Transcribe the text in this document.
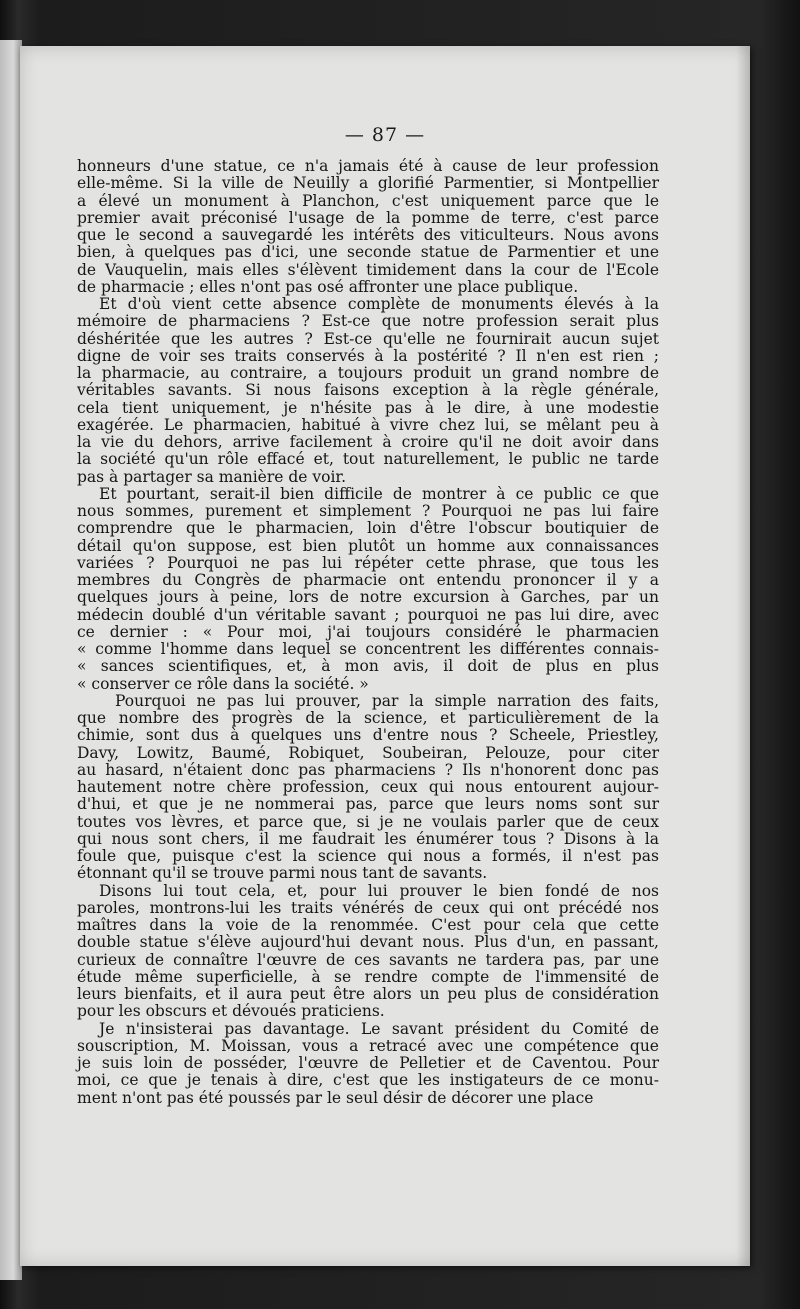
— 87 —
honneurs d'une statue, ce n'a jamais été à cause de leur profession
elle-même. Si la ville de Neuilly a glorifié Parmentier, si Montpellier
a élevé un monument à Planchon, c'est uniquement parce que le
premier avait préconisé l'usage de la pomme de terre, c'est parce
que le second a sauvegardé les intérêts des viticulteurs. Nous avons
bien, à quelques pas d'ici, une seconde statue de Parmentier et une
de Vauquelin, mais elles s'élèvent timidement dans la cour de l'Ecole
de pharmacie ; elles n'ont pas osé affronter une place publique.
Et d'où vient cette absence complète de monuments élevés à la
mémoire de pharmaciens ? Est-ce que notre profession serait plus
déshéritée que les autres ? Est-ce qu'elle ne fournirait aucun sujet
digne de voir ses traits conservés à la postérité ? Il n'en est rien ;
la pharmacie, au contraire, a toujours produit un grand nombre de
véritables savants. Si nous faisons exception à la règle générale,
cela tient uniquement, je n'hésite pas à le dire, à une modestie
exagérée. Le pharmacien, habitué à vivre chez lui, se mêlant peu à
la vie du dehors, arrive facilement à croire qu'il ne doit avoir dans
la société qu'un rôle effacé et, tout naturellement, le public ne tarde
pas à partager sa manière de voir.
Et pourtant, serait-il bien difficile de montrer à ce public ce que
nous sommes, purement et simplement ? Pourquoi ne pas lui faire
comprendre que le pharmacien, loin d'être l'obscur boutiquier de
détail qu'on suppose, est bien plutôt un homme aux connaissances
variées ? Pourquoi ne pas lui répéter cette phrase, que tous les
membres du Congrès de pharmacie ont entendu prononcer il y a
quelques jours à peine, lors de notre excursion à Garches, par un
médecin doublé d'un véritable savant ; pourquoi ne pas lui dire, avec
ce dernier : « Pour moi, j'ai toujours considéré le pharmacien
« comme l'homme dans lequel se concentrent les différentes connais-
« sances scientifiques, et, à mon avis, il doit de plus en plus
« conserver ce rôle dans la société. »
Pourquoi ne pas lui prouver, par la simple narration des faits,
que nombre des progrès de la science, et particulièrement de la
chimie, sont dus à quelques uns d'entre nous ? Scheele, Priestley,
Davy, Lowitz, Baumé, Robiquet, Soubeiran, Pelouze, pour citer
au hasard, n'étaient donc pas pharmaciens ? Ils n'honorent donc pas
hautement notre chère profession, ceux qui nous entourent aujour-
d'hui, et que je ne nommerai pas, parce que leurs noms sont sur
toutes vos lèvres, et parce que, si je ne voulais parler que de ceux
qui nous sont chers, il me faudrait les énumérer tous ? Disons à la
foule que, puisque c'est la science qui nous a formés, il n'est pas
étonnant qu'il se trouve parmi nous tant de savants.
Disons lui tout cela, et, pour lui prouver le bien fondé de nos
paroles, montrons-lui les traits vénérés de ceux qui ont précédé nos
maîtres dans la voie de la renommée. C'est pour cela que cette
double statue s'élève aujourd'hui devant nous. Plus d'un, en passant,
curieux de connaître l'œuvre de ces savants ne tardera pas, par une
étude même superficielle, à se rendre compte de l'immensité de
leurs bienfaits, et il aura peut être alors un peu plus de considération
pour les obscurs et dévoués praticiens.
Je n'insisterai pas davantage. Le savant président du Comité de
souscription, M. Moissan, vous a retracé avec une compétence que
je suis loin de posséder, l'œuvre de Pelletier et de Caventou. Pour
moi, ce que je tenais à dire, c'est que les instigateurs de ce monu-
ment n'ont pas été poussés par le seul désir de décorer une place
